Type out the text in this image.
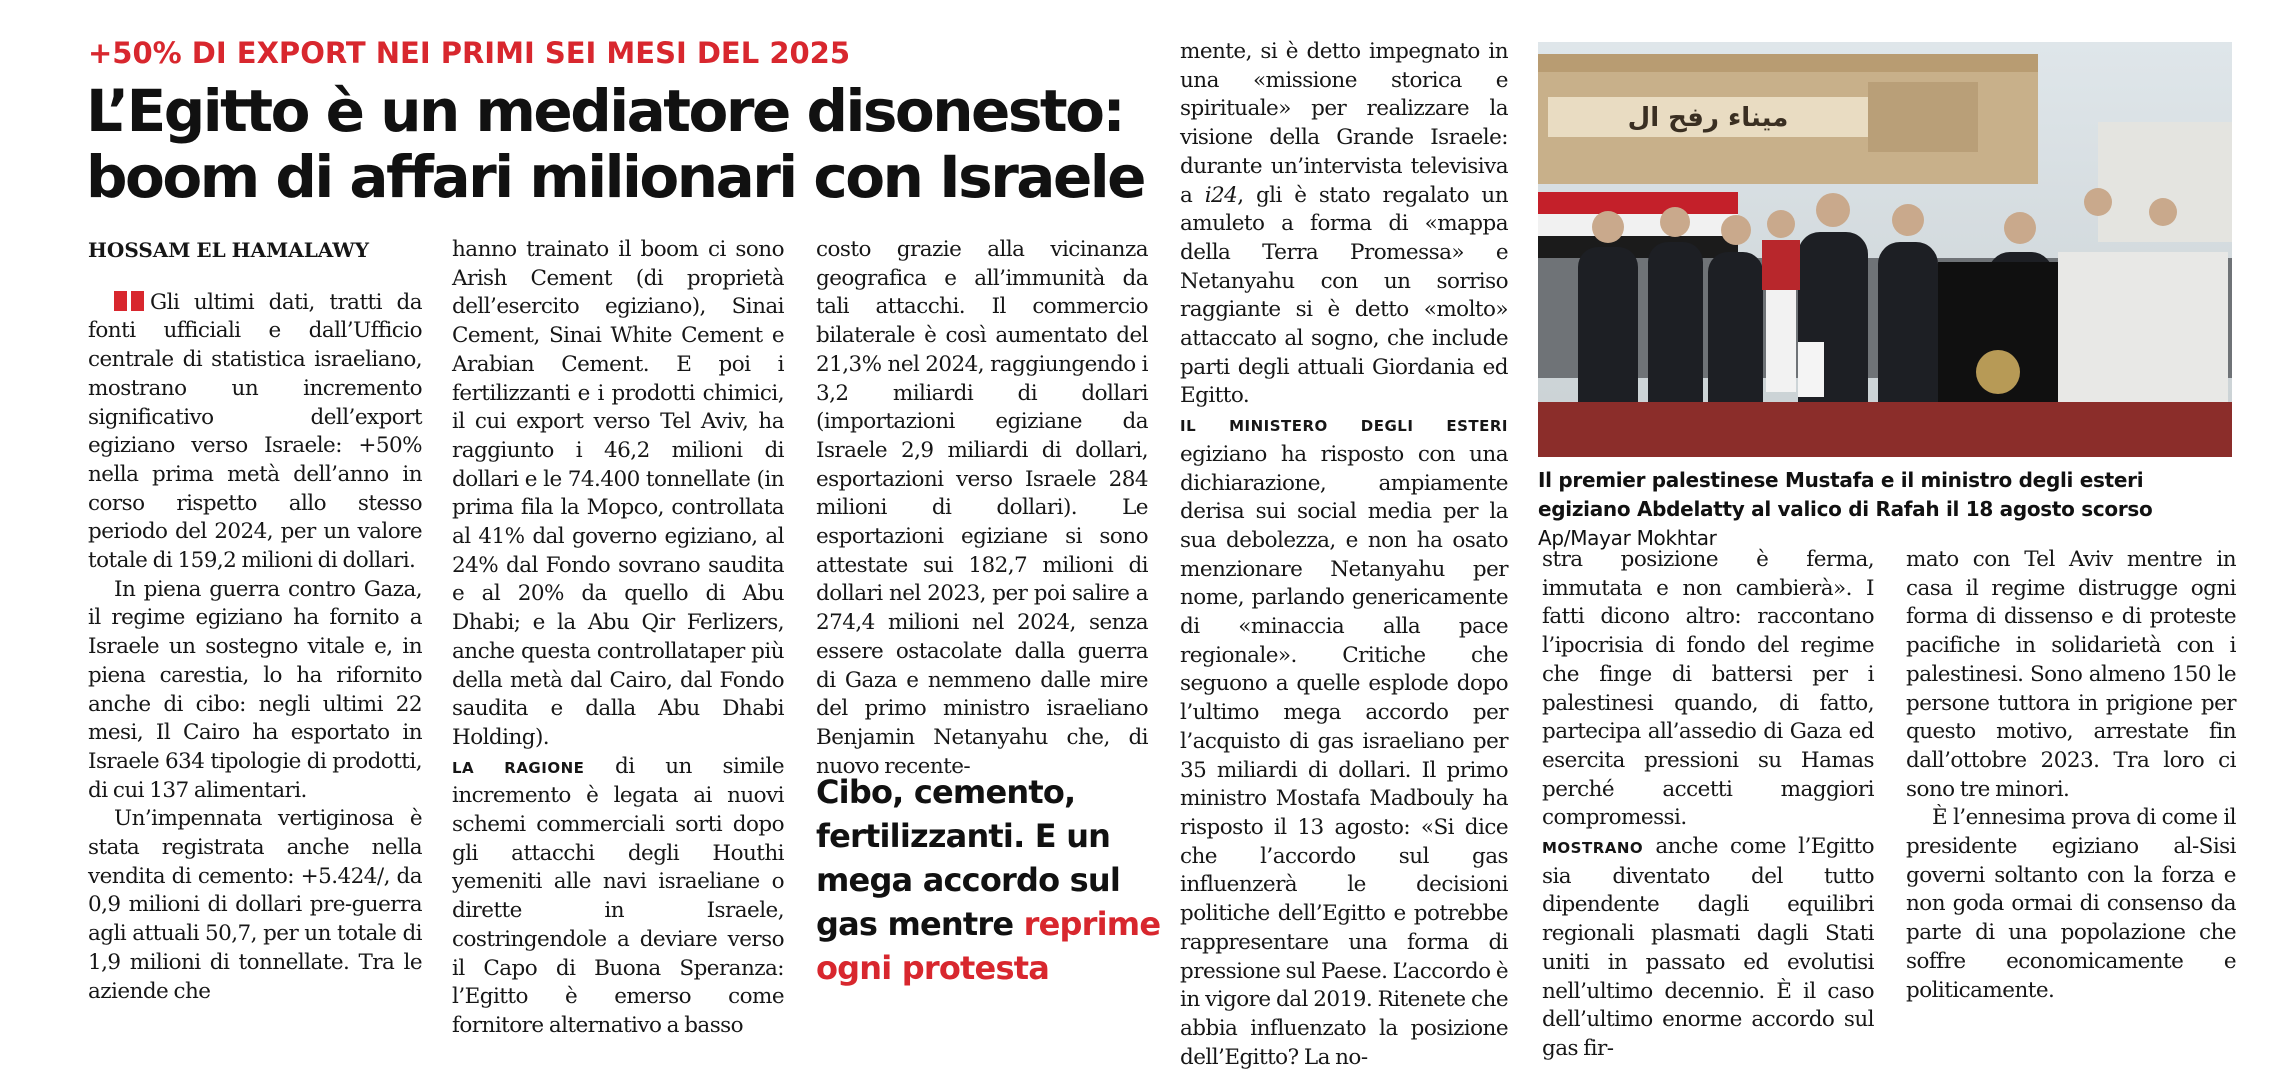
+50% DI EXPORT NEI PRIMI SEI MESI DEL 2025
L’Egitto è un mediatore disonesto:
boom di affari milionari con Israele

HOSSAM EL HAMALAWY

Gli ultimi dati, tratti da fonti ufficiali e dall’Ufficio centrale di statistica israeliano, mostrano un incremento significativo dell’export egiziano verso Israele: +50% nella prima metà dell’anno in corso rispetto allo stesso periodo del 2024, per un valore totale di 159,2 milioni di dollari.

In piena guerra contro Gaza, il regime egiziano ha fornito a Israele un sostegno vitale e, in piena carestia, lo ha rifornito anche di cibo: negli ultimi 22 mesi, Il Cairo ha esportato in Israele 634 tipologie di prodotti, di cui 137 alimentari.

Un’impennata vertiginosa è stata registrata anche nella vendita di cemento: +5.424/, da 0,9 milioni di dollari pre-guerra agli attuali 50,7, per un totale di 1,9 milioni di tonnellate. Tra le aziende che

hanno trainato il boom ci sono Arish Cement (di proprietà dell’esercito egiziano), Sinai Cement, Sinai White Cement e Arabian Cement. E poi i fertilizzanti e i prodotti chimici, il cui export verso Tel Aviv, ha raggiunto i 46,2 milioni di dollari e le 74.400 tonnellate (in prima fila la Mopco, controllata al 41% dal governo egiziano, al 24% dal Fondo sovrano saudita e al 20% da quello di Abu Dhabi; e la Abu Qir Ferlizers, anche questa controllataper più della metà dal Cairo, dal Fondo saudita e dalla Abu Dhabi Holding).

LA RAGIONE di un simile incremento è legata ai nuovi schemi commerciali sorti dopo gli attacchi degli Houthi yemeniti alle navi israeliane o dirette in Israele, costringendole a deviare verso il Capo di Buona Speranza: l’Egitto è emerso come fornitore alternativo a basso

costo grazie alla vicinanza geografica e all’immunità da tali attacchi. Il commercio bilaterale è così aumentato del 21,3% nel 2024, raggiungendo i 3,2 miliardi di dollari (importazioni egiziane da Israele 2,9 miliardi di dollari, esportazioni verso Israele 284 milioni di dollari). Le esportazioni egiziane si sono attestate sui 182,7 milioni di dollari nel 2023, per poi salire a 274,4 milioni nel 2024, senza essere ostacolate dalla guerra di Gaza e nemmeno dalle mire del primo ministro israeliano Benjamin Netanyahu che, di nuovo recente-

Cibo, cemento, fertilizzanti. E un mega accordo sul gas mentre reprime ogni protesta

mente, si è detto impegnato in una «missione storica e spirituale» per realizzare la visione della Grande Israele: durante un’intervista televisiva a i24, gli è stato regalato un amuleto a forma di «mappa della Terra Promessa» e Netanyahu con un sorriso raggiante si è detto «molto» attaccato al sogno, che include parti degli attuali Giordania ed Egitto.

IL MINISTERO DEGLI ESTERI egiziano ha risposto con una dichiarazione, ampiamente derisa sui social media per la sua debolezza, e non ha osato menzionare Netanyahu per nome, parlando genericamente di «minaccia alla pace regionale». Critiche che seguono a quelle esplode dopo l’ultimo mega accordo per l’acquisto di gas israeliano per 35 miliardi di dollari. Il primo ministro Mostafa Madbouly ha risposto il 13 agosto: «Si dice che l’accordo sul gas influenzerà le decisioni politiche dell’Egitto e potrebbe rappresentare una forma di pressione sul Paese. L’accordo è in vigore dal 2019. Ritenete che abbia influenzato la posizione dell’Egitto? La no-

ميناء رفح ال
Il premier palestinese Mustafa e il ministro degli esteri egiziano Abdelatty al valico di Rafah il 18 agosto scorso Ap/Mayar Mokhtar

stra posizione è ferma, immutata e non cambierà». I fatti dicono altro: raccontano l’ipocrisia di fondo del regime che finge di battersi per i palestinesi quando, di fatto, partecipa all’assedio di Gaza ed esercita pressioni su Hamas perché accetti maggiori compromessi.

MOSTRANO anche come l’Egitto sia diventato del tutto dipendente dagli equilibri regionali plasmati dagli Stati uniti in passato ed evolutisi nell’ultimo decennio. È il caso dell’ultimo enorme accordo sul gas fir-

mato con Tel Aviv mentre in casa il regime distrugge ogni forma di dissenso e di proteste pacifiche in solidarietà con i palestinesi. Sono almeno 150 le persone tuttora in prigione per questo motivo, arrestate fin dall’ottobre 2023. Tra loro ci sono tre minori.

È l’ennesima prova di come il presidente egiziano al-Sisi governi soltanto con la forza e non goda ormai di consenso da parte di una popolazione che soffre economicamente e politicamente.
